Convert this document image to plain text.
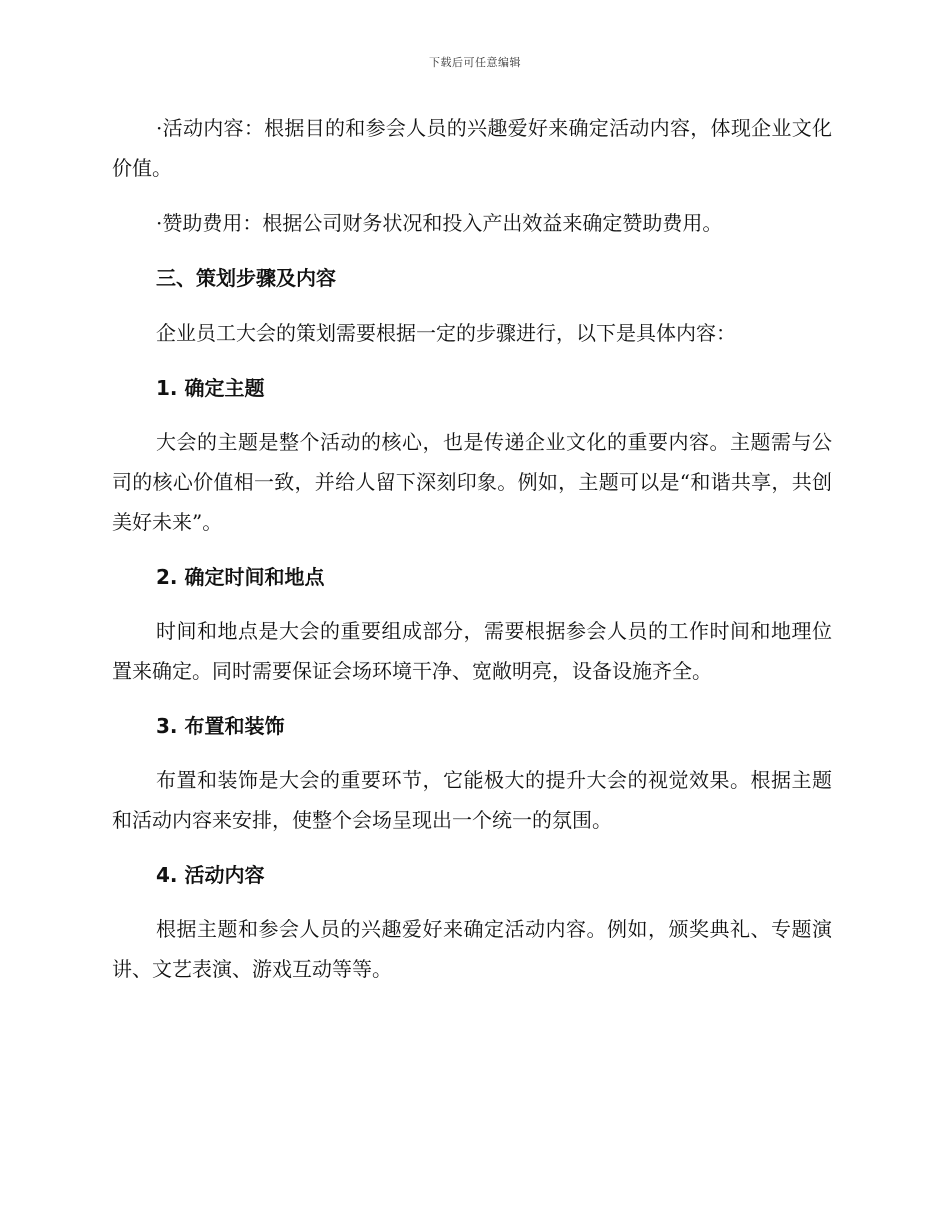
下载后可任意编辑

·活动内容：根据目的和参会人员的兴趣爱好来确定活动内容，体现企业文化价值。

·赞助费用：根据公司财务状况和投入产出效益来确定赞助费用。

三、策划步骤及内容

企业员工大会的策划需要根据一定的步骤进行，以下是具体内容：

1. 确定主题

大会的主题是整个活动的核心，也是传递企业文化的重要内容。主题需与公司的核心价值相一致，并给人留下深刻印象。例如，主题可以是“和谐共享，共创美好未来”。

2. 确定时间和地点

时间和地点是大会的重要组成部分，需要根据参会人员的工作时间和地理位置来确定。同时需要保证会场环境干净、宽敞明亮，设备设施齐全。

3. 布置和装饰

布置和装饰是大会的重要环节，它能极大的提升大会的视觉效果。根据主题和活动内容来安排，使整个会场呈现出一个统一的氛围。

4. 活动内容

根据主题和参会人员的兴趣爱好来确定活动内容。例如，颁奖典礼、专题演讲、文艺表演、游戏互动等等。
